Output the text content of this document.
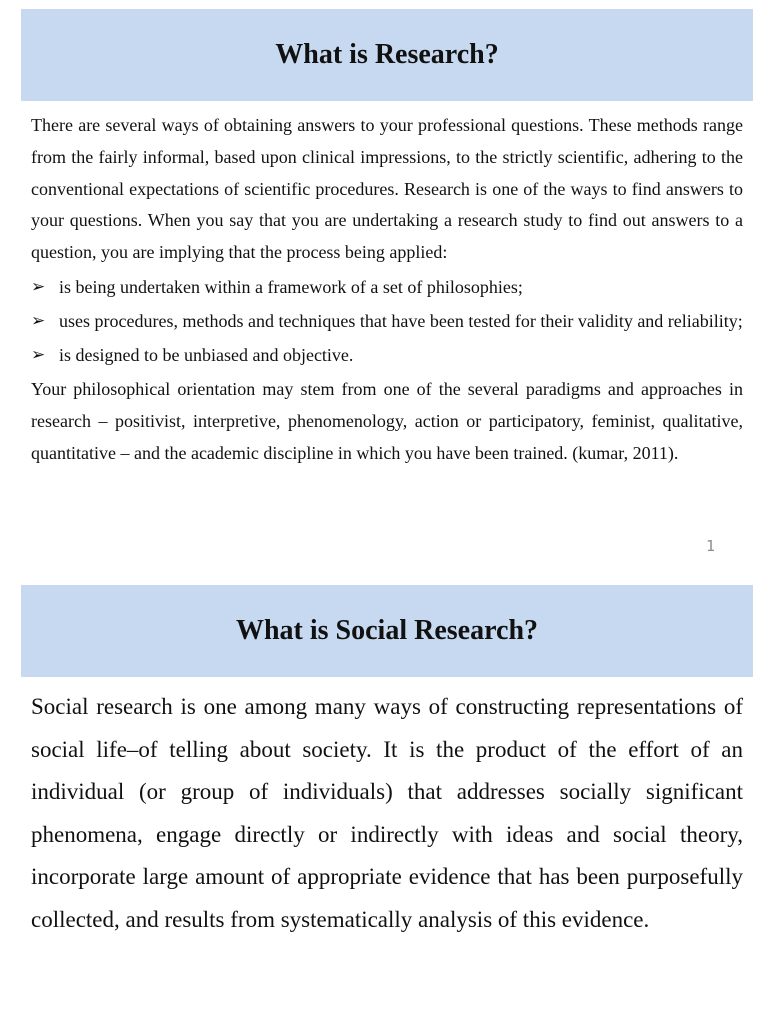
What is Research?

There are several ways of obtaining answers to your professional questions. These methods range from the fairly informal, based upon clinical impressions, to the strictly scientific, adhering to the conventional expectations of scientific procedures. Research is one of the ways to find answers to your questions. When you say that you are undertaking a research study to find out answers to a question, you are implying that the process being applied:

➢ is being undertaken within a framework of a set of philosophies;
➢ uses procedures, methods and techniques that have been tested for their validity and reliability;
➢ is designed to be unbiased and objective.

Your philosophical orientation may stem from one of the several paradigms and approaches in research – positivist, interpretive, phenomenology, action or participatory, feminist, qualitative, quantitative – and the academic discipline in which you have been trained. (kumar, 2011).

1
What is Social Research?

Social research is one among many ways of constructing representations of social life–of telling about society. It is the product of the effort of an individual (or group of individuals) that addresses socially significant phenomena, engage directly or indirectly with ideas and social theory, incorporate large amount of appropriate evidence that has been purposefully collected, and results from systematically analysis of this evidence.
